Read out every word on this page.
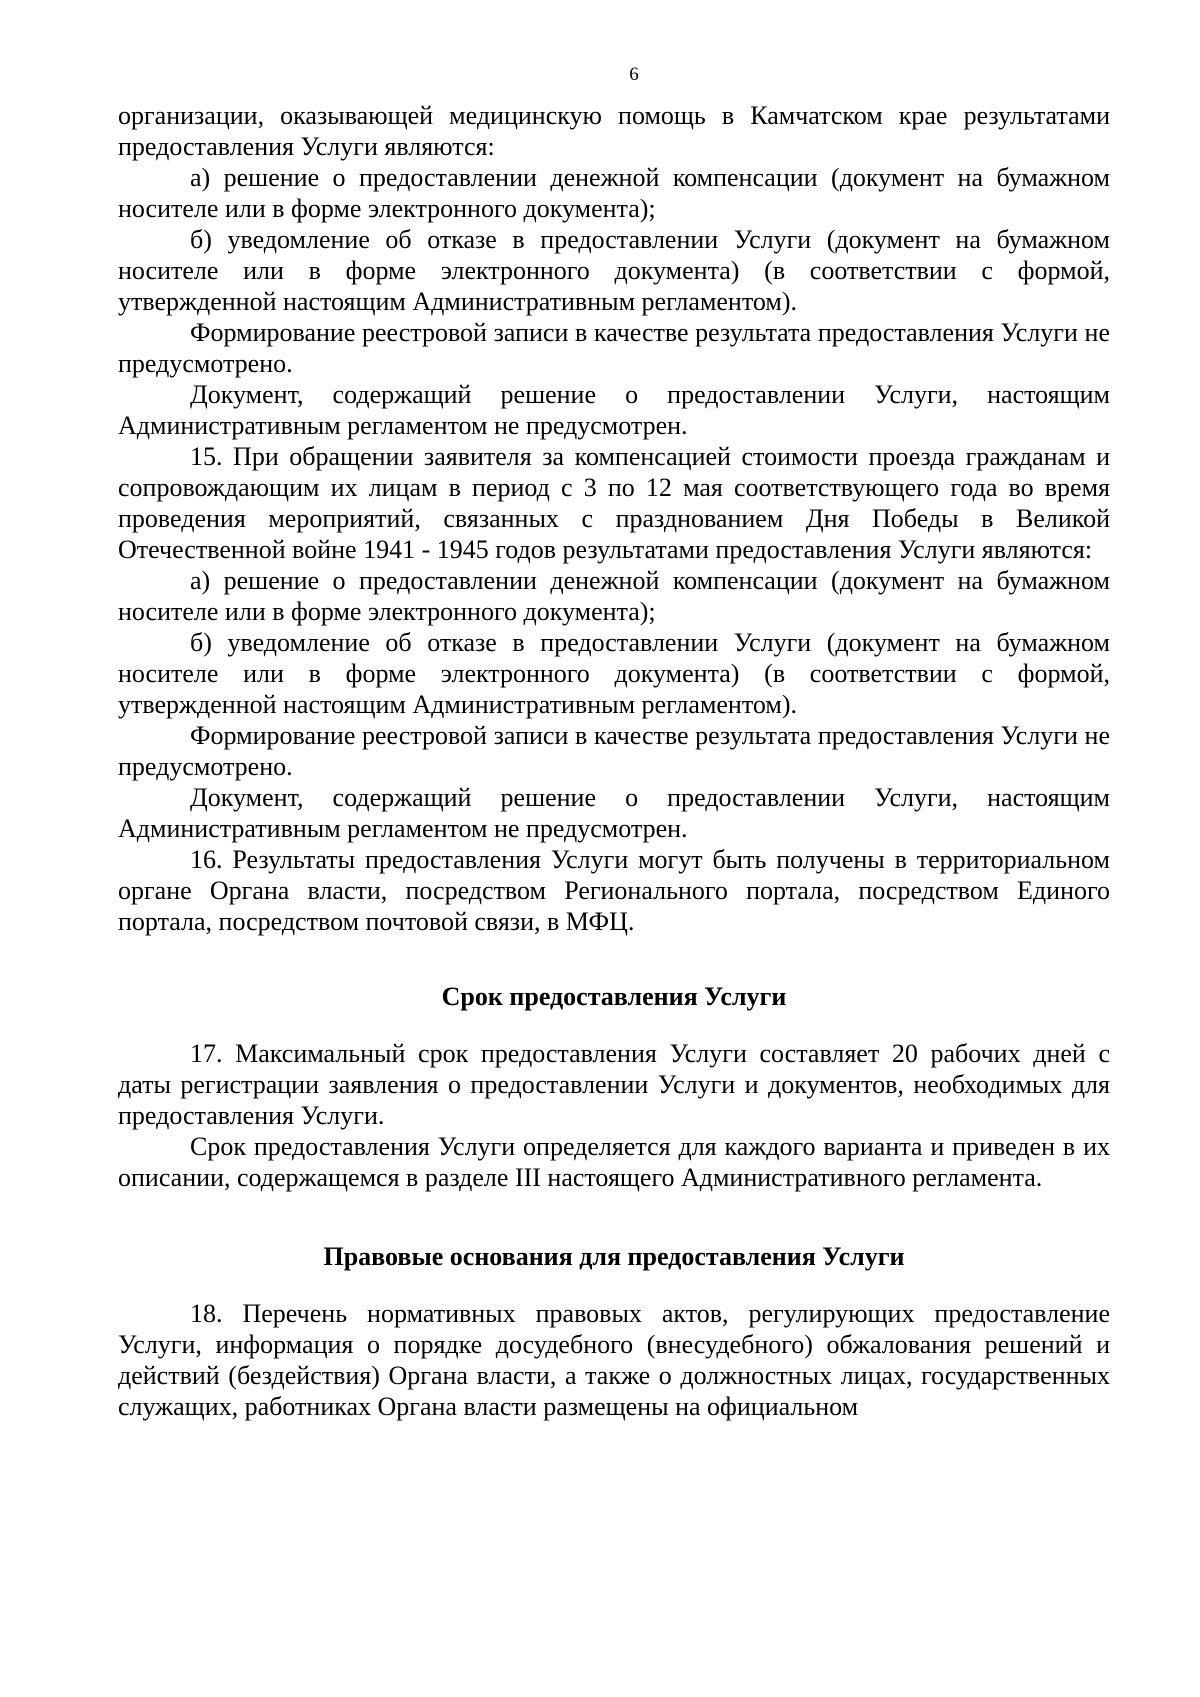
6

организации, оказывающей медицинскую помощь в Камчатском крае результатами предоставления Услуги являются:

а) решение о предоставлении денежной компенсации (документ на бумажном носителе или в форме электронного документа);

б) уведомление об отказе в предоставлении Услуги (документ на бумажном носителе или в форме электронного документа) (в соответствии с формой, утвержденной настоящим Административным регламентом).

Формирование реестровой записи в качестве результата предоставления Услуги не предусмотрено.

Документ, содержащий решение о предоставлении Услуги, настоящим Административным регламентом не предусмотрен.

15. При обращении заявителя за компенсацией стоимости проезда гражданам и сопровождающим их лицам в период с 3 по 12 мая соответствующего года во время проведения мероприятий, связанных с празднованием Дня Победы в Великой Отечественной войне 1941 - 1945 годов результатами предоставления Услуги являются:

а) решение о предоставлении денежной компенсации (документ на бумажном носителе или в форме электронного документа);

б) уведомление об отказе в предоставлении Услуги (документ на бумажном носителе или в форме электронного документа) (в соответствии с формой, утвержденной настоящим Административным регламентом).

Формирование реестровой записи в качестве результата предоставления Услуги не предусмотрено.

Документ, содержащий решение о предоставлении Услуги, настоящим Административным регламентом не предусмотрен.

16. Результаты предоставления Услуги могут быть получены в территориальном органе Органа власти, посредством Регионального портала, посредством Единого портала, посредством почтовой связи, в МФЦ.

Срок предоставления Услуги

17. Максимальный срок предоставления Услуги составляет 20 рабочих дней с даты регистрации заявления о предоставлении Услуги и документов, необходимых для предоставления Услуги.

Срок предоставления Услуги определяется для каждого варианта и приведен в их описании, содержащемся в разделе III настоящего Административного регламента.

Правовые основания для предоставления Услуги

18. Перечень нормативных правовых актов, регулирующих предоставление Услуги, информация о порядке досудебного (внесудебного) обжалования решений и действий (бездействия) Органа власти, а также о должностных лицах, государственных служащих, работниках Органа власти размещены на официальном
